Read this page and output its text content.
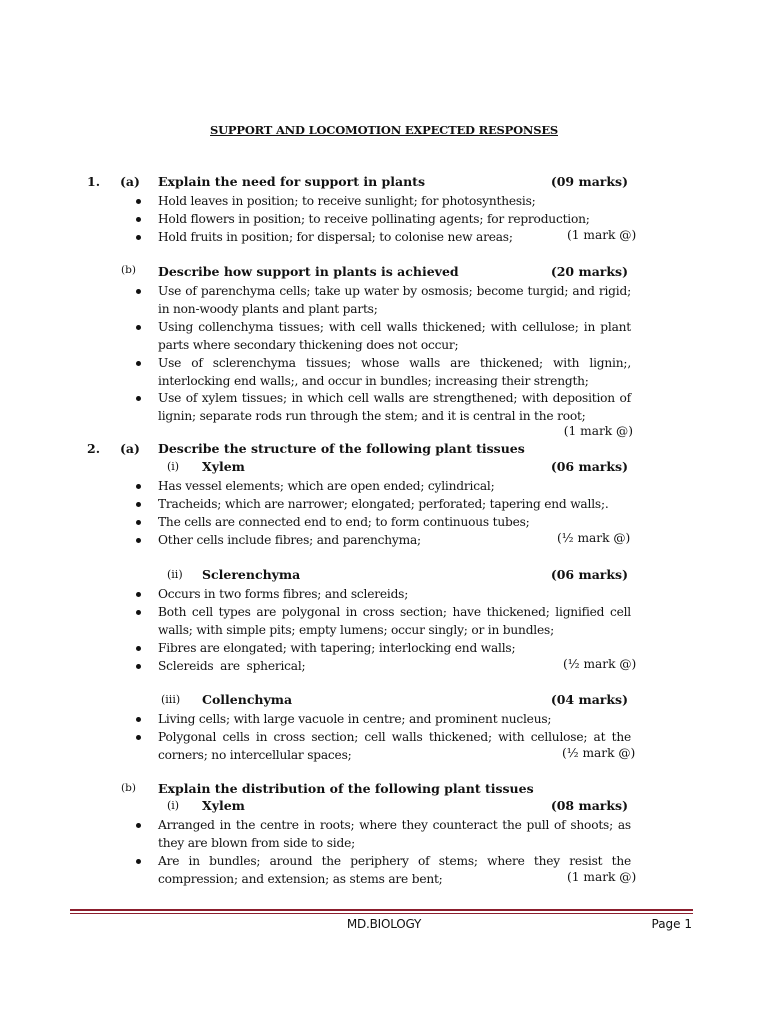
SUPPORT AND LOCOMOTION EXPECTED RESPONSES
1. (a) Explain the need for support in plants	(09 marks)
Hold leaves in position; to receive sunlight; for photosynthesis;
Hold flowers in position; to receive pollinating agents; for reproduction;
Hold fruits in position; for dispersal; to colonise new areas;	(1 mark @)
(b) Describe how support in plants is achieved	(20 marks)
Use of parenchyma cells; take up water by osmosis; become turgid; and rigid; in non-woody plants and plant parts;
Using collenchyma tissues; with cell walls thickened; with cellulose; in plant parts where secondary thickening does not occur;
Use of sclerenchyma tissues; whose walls are thickened; with lignin;, interlocking end walls;, and occur in bundles; increasing their strength;
Use of xylem tissues; in which cell walls are strengthened; with deposition of lignin; separate rods run through the stem; and it is central in the root;
(1 mark @)
2. (a) Describe the structure of the following plant tissues
(i) Xylem	(06 marks)
Has vessel elements; which are open ended; cylindrical;
Tracheids; which are narrower; elongated; perforated; tapering end walls;.
The cells are connected end to end; to form continuous tubes;
Other cells include fibres; and parenchyma;	(½ mark @)
(ii) Sclerenchyma	(06 marks)
Occurs in two forms fibres; and sclereids;
Both cell types are polygonal in cross section; have thickened; lignified cell walls; with simple pits; empty lumens; occur singly; or in bundles;
Fibres are elongated; with tapering; interlocking end walls;
Sclereids are spherical;	(½ mark @)
(iii) Collenchyma	(04 marks)
Living cells; with large vacuole in centre; and prominent nucleus;
Polygonal cells in cross section; cell walls thickened; with cellulose; at the corners; no intercellular spaces;	(½ mark @)
(b) Explain the distribution of the following plant tissues
(i) Xylem	(08 marks)
Arranged in the centre in roots; where they counteract the pull of shoots; as they are blown from side to side;
Are in bundles; around the periphery of stems; where they resist the compression; and extension; as stems are bent;	(1 mark @)
MD.BIOLOGY	Page 1
